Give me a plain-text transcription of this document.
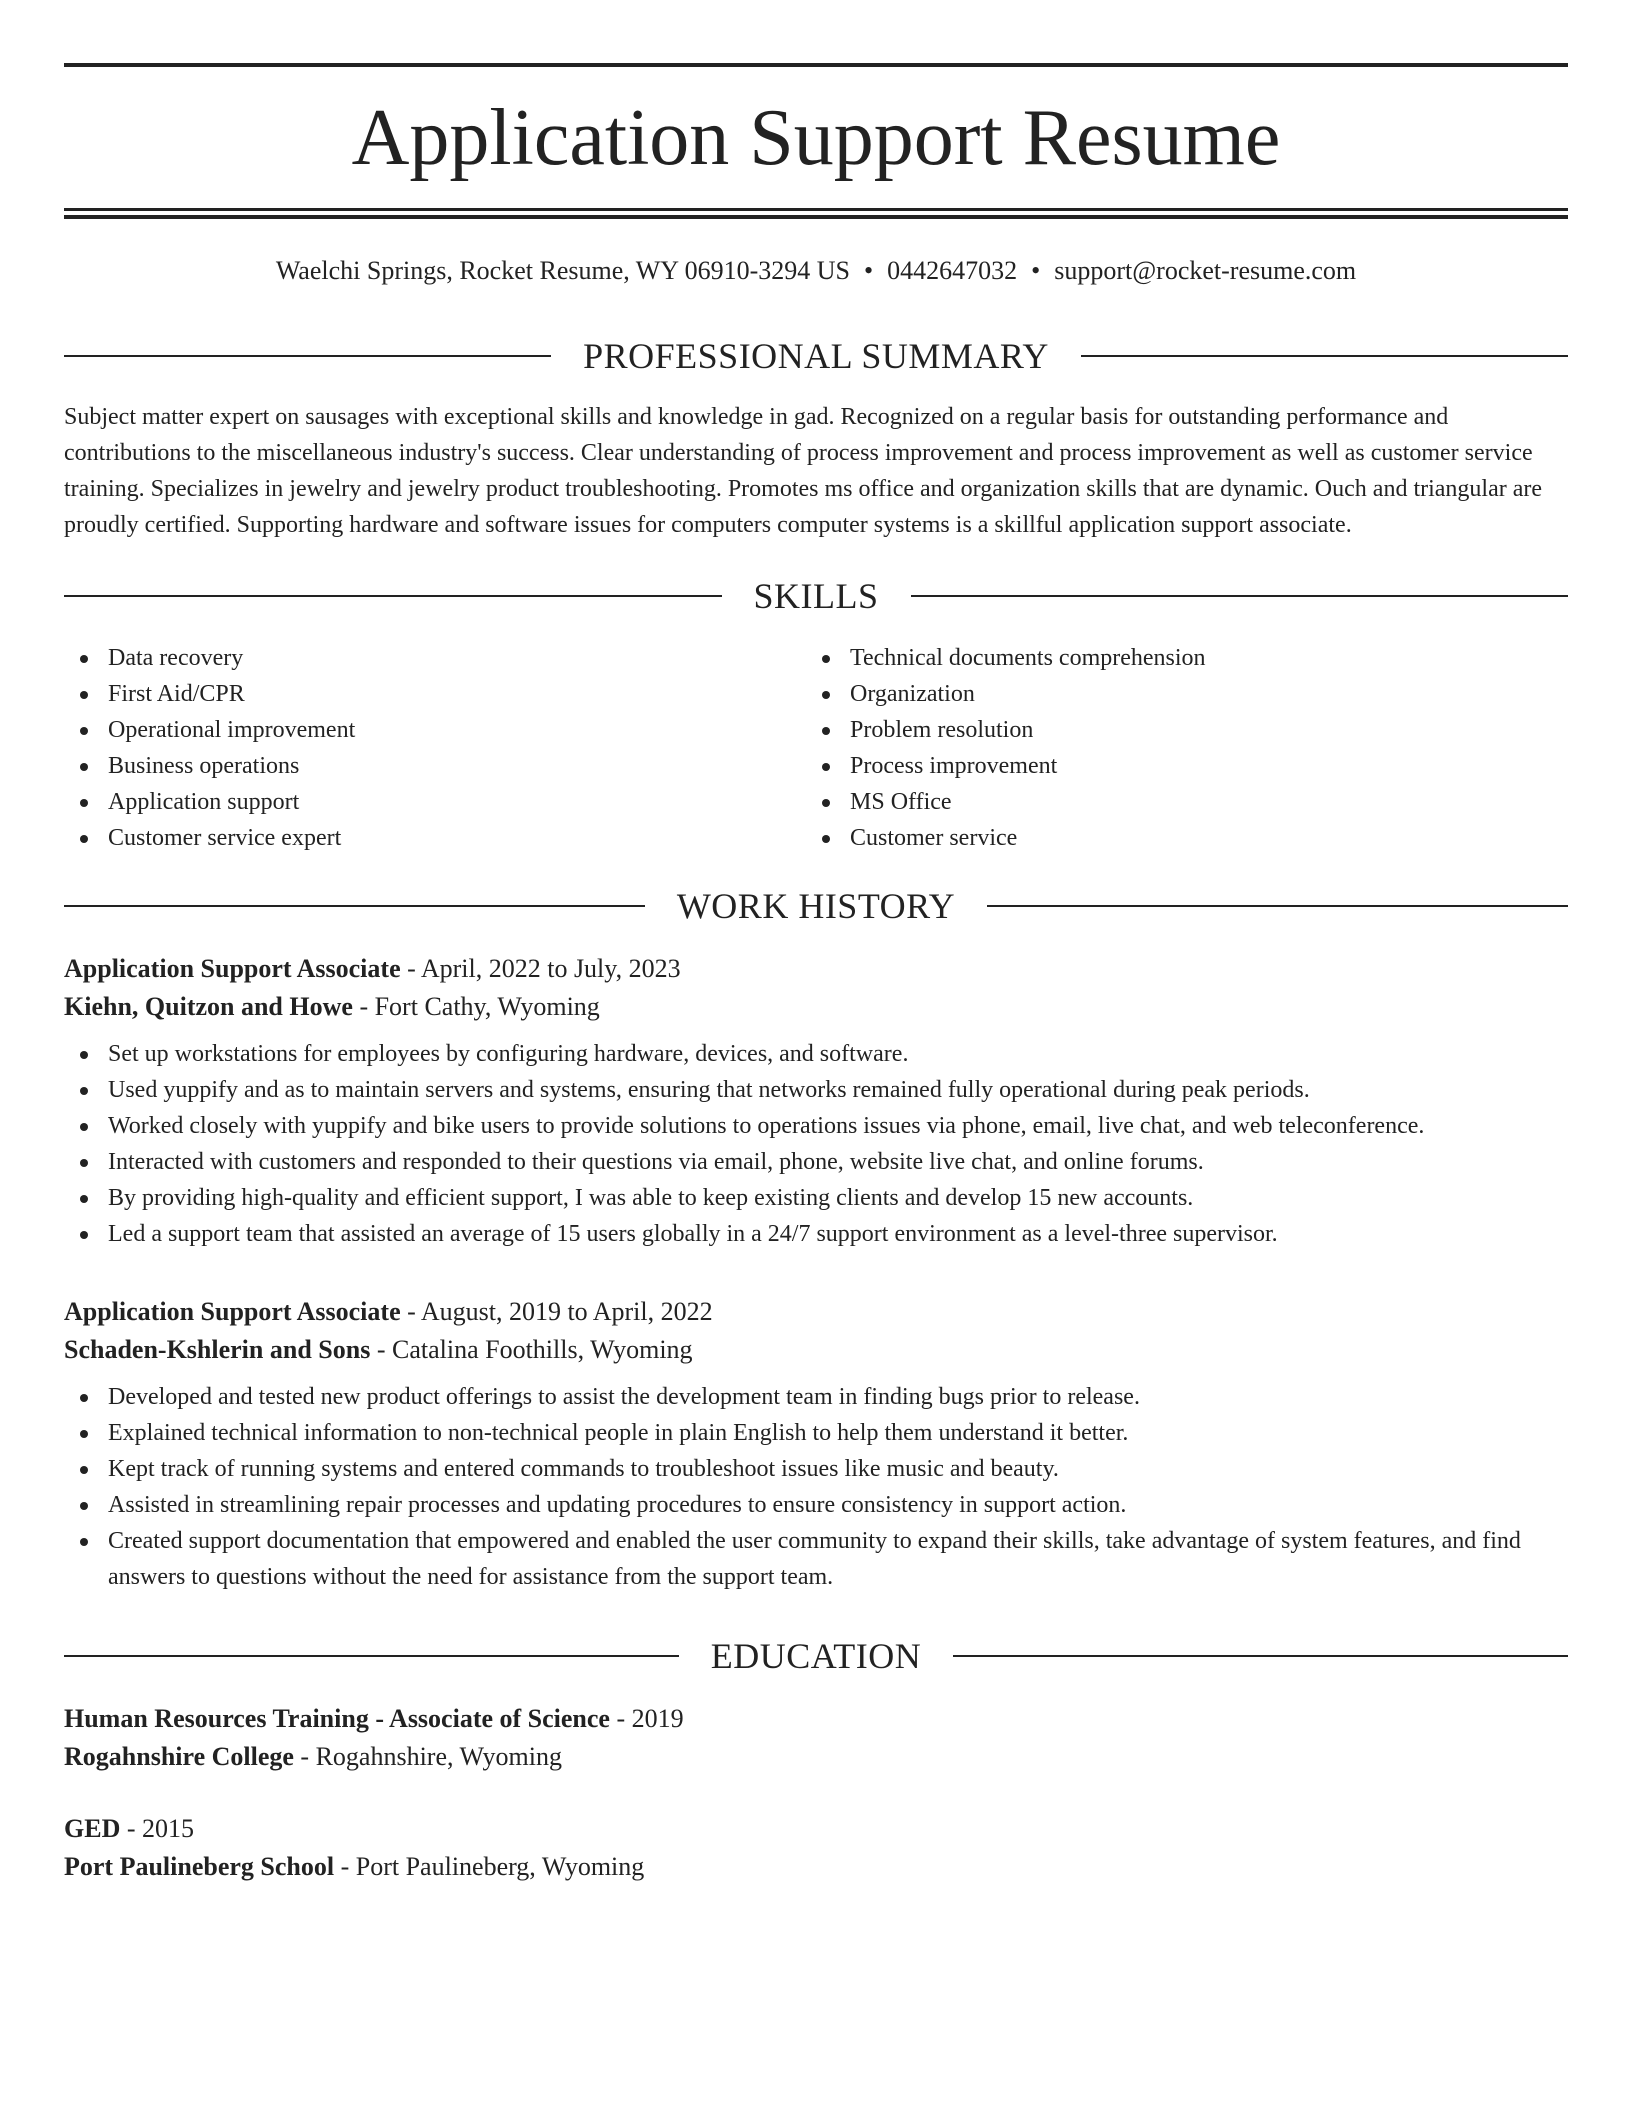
Application Support Resume
Waelchi Springs, Rocket Resume, WY 06910-3294 US • 0442647032 • support@rocket-resume.com
PROFESSIONAL SUMMARY

Subject matter expert on sausages with exceptional skills and knowledge in gad. Recognized on a regular basis for outstanding performance and contributions to the miscellaneous industry's success. Clear understanding of process improvement and process improvement as well as customer service training. Specializes in jewelry and jewelry product troubleshooting. Promotes ms office and organization skills that are dynamic. Ouch and triangular are proudly certified. Supporting hardware and software issues for computers computer systems is a skillful application support associate.

SKILLS
Data recovery
First Aid/CPR
Operational improvement
Business operations
Application support
Customer service expert
Technical documents comprehension
Organization
Problem resolution
Process improvement
MS Office
Customer service
WORK HISTORY
Application Support Associate - April, 2022 to July, 2023
Kiehn, Quitzon and Howe - Fort Cathy, Wyoming
Set up workstations for employees by configuring hardware, devices, and software.
Used yuppify and as to maintain servers and systems, ensuring that networks remained fully operational during peak periods.
Worked closely with yuppify and bike users to provide solutions to operations issues via phone, email, live chat, and web teleconference.
Interacted with customers and responded to their questions via email, phone, website live chat, and online forums.
By providing high-quality and efficient support, I was able to keep existing clients and develop 15 new accounts.
Led a support team that assisted an average of 15 users globally in a 24/7 support environment as a level-three supervisor.
Application Support Associate - August, 2019 to April, 2022
Schaden-Kshlerin and Sons - Catalina Foothills, Wyoming
Developed and tested new product offerings to assist the development team in finding bugs prior to release.
Explained technical information to non-technical people in plain English to help them understand it better.
Kept track of running systems and entered commands to troubleshoot issues like music and beauty.
Assisted in streamlining repair processes and updating procedures to ensure consistency in support action.
Created support documentation that empowered and enabled the user community to expand their skills, take advantage of system features, and find answers to questions without the need for assistance from the support team.
EDUCATION
Human Resources Training - Associate of Science - 2019
Rogahnshire College - Rogahnshire, Wyoming
GED - 2015
Port Paulineberg School - Port Paulineberg, Wyoming
